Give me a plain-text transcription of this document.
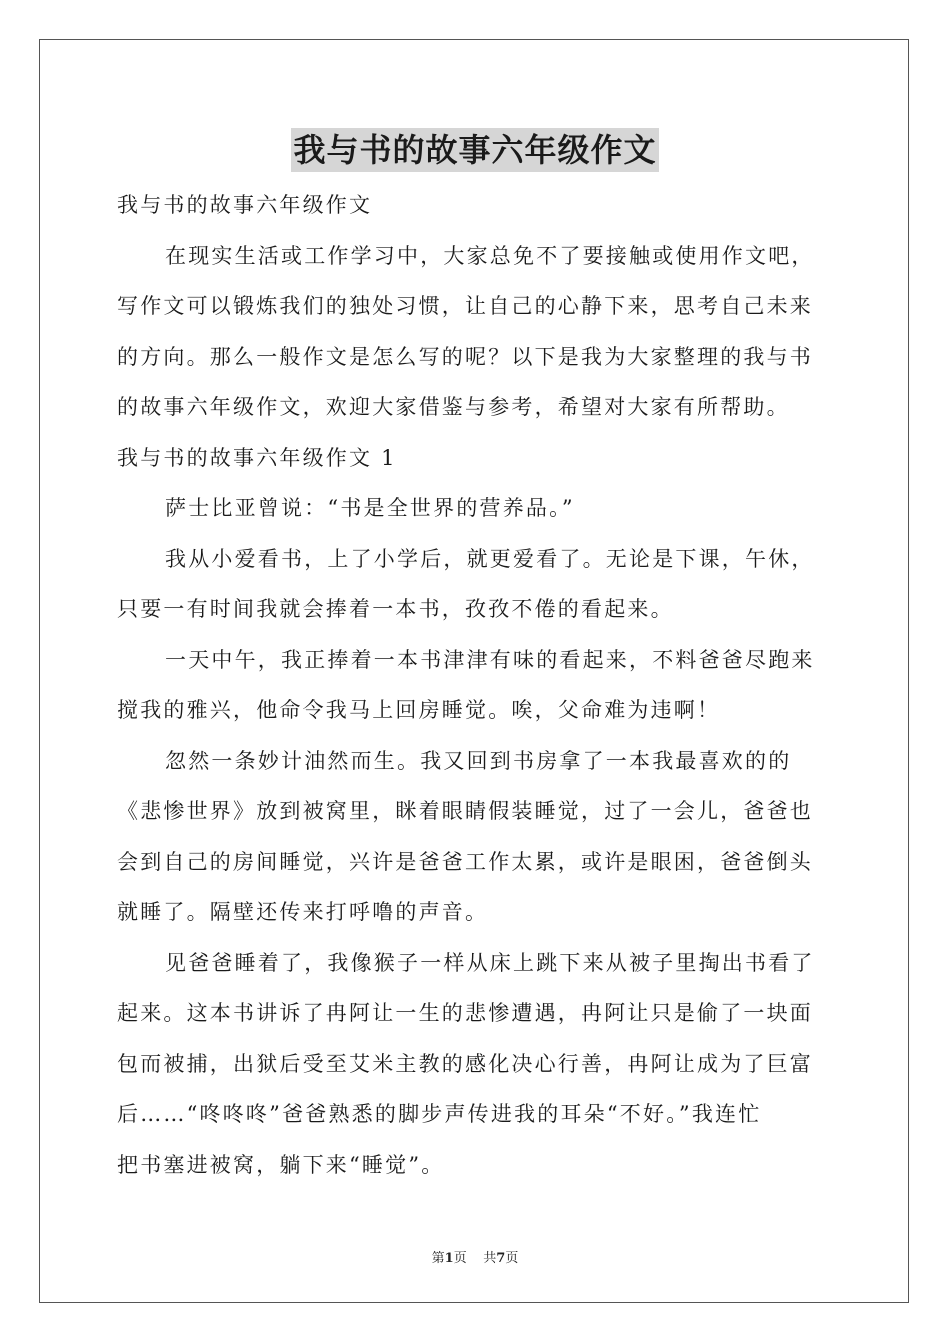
我与书的故事六年级作文
我与书的故事六年级作文
在现实生活或工作学习中，大家总免不了要接触或使用作文吧，
写作文可以锻炼我们的独处习惯，让自己的心静下来，思考自己未来
的方向。那么一般作文是怎么写的呢？以下是我为大家整理的我与书
的故事六年级作文，欢迎大家借鉴与参考，希望对大家有所帮助。
我与书的故事六年级作文 1
萨士比亚曾说：“书是全世界的营养品。”
我从小爱看书，上了小学后，就更爱看了。无论是下课，午休，
只要一有时间我就会捧着一本书，孜孜不倦的看起来。
一天中午，我正捧着一本书津津有味的看起来，不料爸爸尽跑来
搅我的雅兴，他命令我马上回房睡觉。唉，父命难为违啊！
忽然一条妙计油然而生。我又回到书房拿了一本我最喜欢的的
《悲惨世界》放到被窝里，眯着眼睛假装睡觉，过了一会儿，爸爸也
会到自己的房间睡觉，兴许是爸爸工作太累，或许是眼困，爸爸倒头
就睡了。隔壁还传来打呼噜的声音。
见爸爸睡着了，我像猴子一样从床上跳下来从被子里掏出书看了
起来。这本书讲诉了冉阿让一生的悲惨遭遇，冉阿让只是偷了一块面
包而被捕，出狱后受至艾米主教的感化决心行善，冉阿让成为了巨富
后……“咚咚咚”爸爸熟悉的脚步声传进我的耳朵“不好。”我连忙
把书塞进被窝，躺下来“睡觉”。
第1页 共7页
